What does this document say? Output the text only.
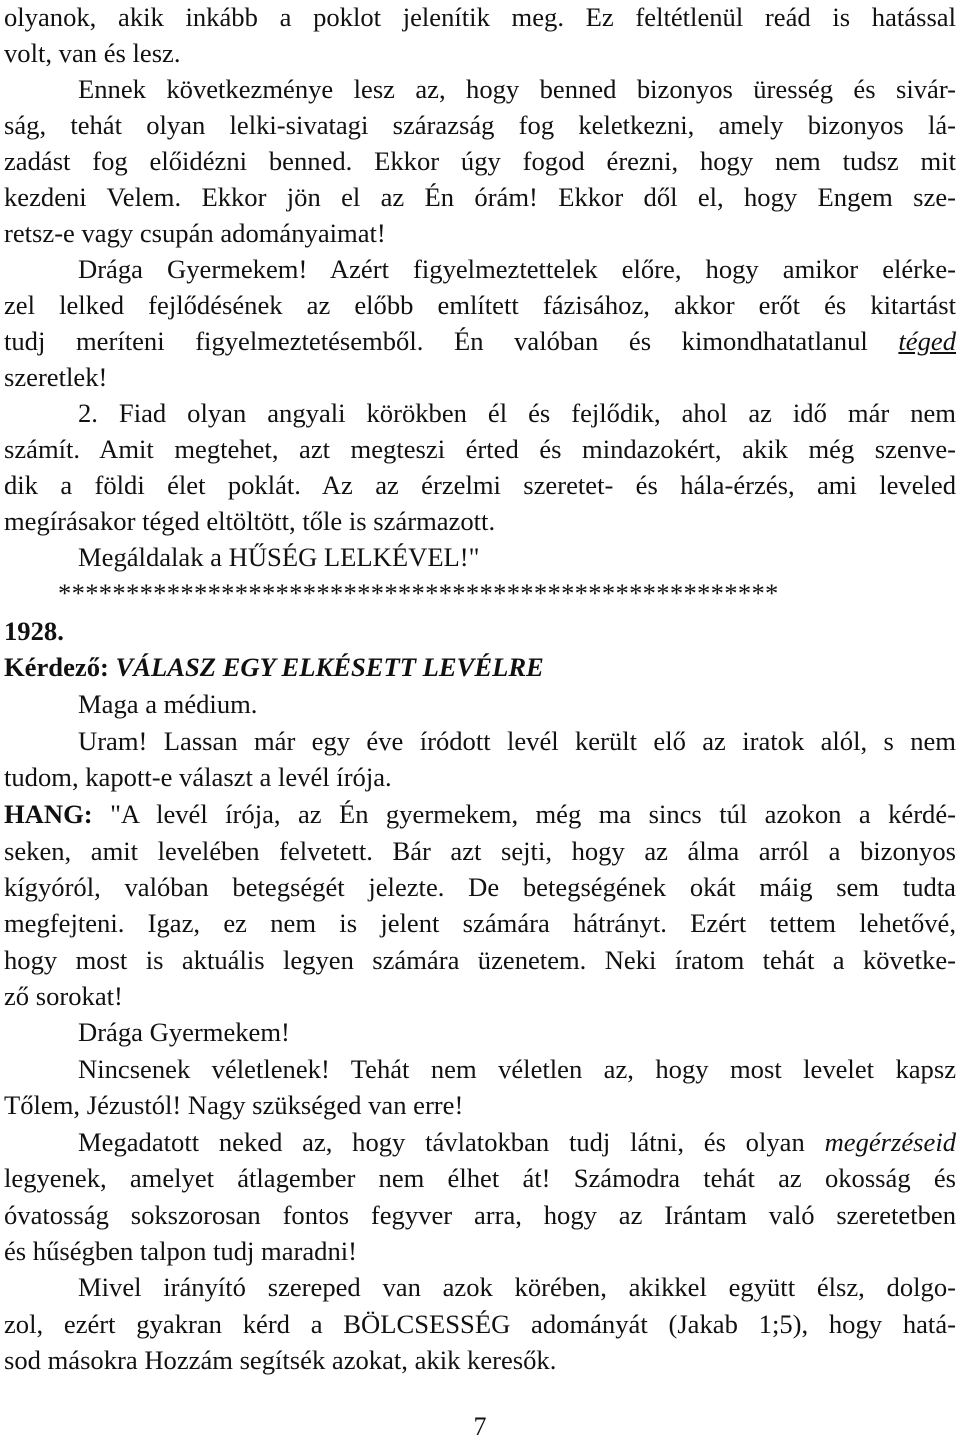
olyanok, akik inkább a poklot jelenítik meg. Ez feltétlenül reád is hatással
volt, van és lesz.
Ennek következménye lesz az, hogy benned bizonyos üresség és sivár-
ság, tehát olyan lelki-sivatagi szárazság fog keletkezni, amely bizonyos lá-
zadást fog előidézni benned. Ekkor úgy fogod érezni, hogy nem tudsz mit
kezdeni Velem. Ekkor jön el az Én órám! Ekkor dől el, hogy Engem sze-
retsz-e vagy csupán adományaimat!
Drága Gyermekem! Azért figyelmeztettelek előre, hogy amikor elérke-
zel lelked fejlődésének az előbb említett fázisához, akkor erőt és kitartást
tudj meríteni figyelmeztetésemből. Én valóban és kimondhatatlanul téged
szeretlek!
2. Fiad olyan angyali körökben él és fejlődik, ahol az idő már nem
számít. Amit megtehet, azt megteszi érted és mindazokért, akik még szenve-
dik a földi élet poklát. Az az érzelmi szeretet- és hála-érzés, ami leveled
megírásakor téged eltöltött, tőle is származott.
Megáldalak a HŰSÉG LELKÉVEL!"
*****************************************************
1928.
Kérdező: VÁLASZ EGY ELKÉSETT LEVÉLRE
Maga a médium.
Uram! Lassan már egy éve íródott levél került elő az iratok alól, s nem
tudom, kapott-e választ a levél írója.
HANG: "A levél írója, az Én gyermekem, még ma sincs túl azokon a kérdé-
seken, amit levelében felvetett. Bár azt sejti, hogy az álma arról a bizonyos
kígyóról, valóban betegségét jelezte. De betegségének okát máig sem tudta
megfejteni. Igaz, ez nem is jelent számára hátrányt. Ezért tettem lehetővé,
hogy most is aktuális legyen számára üzenetem. Neki íratom tehát a követke-
ző sorokat!
Drága Gyermekem!
Nincsenek véletlenek! Tehát nem véletlen az, hogy most levelet kapsz
Tőlem, Jézustól! Nagy szükséged van erre!
Megadatott neked az, hogy távlatokban tudj látni, és olyan megérzéseid
legyenek, amelyet átlagember nem élhet át! Számodra tehát az okosság és
óvatosság sokszorosan fontos fegyver arra, hogy az Irántam való szeretetben
és hűségben talpon tudj maradni!
Mivel irányító szereped van azok körében, akikkel együtt élsz, dolgo-
zol, ezért gyakran kérd a BÖLCSESSÉG adományát (Jakab 1;5), hogy hatá-
sod másokra Hozzám segítsék azokat, akik keresők.
7
